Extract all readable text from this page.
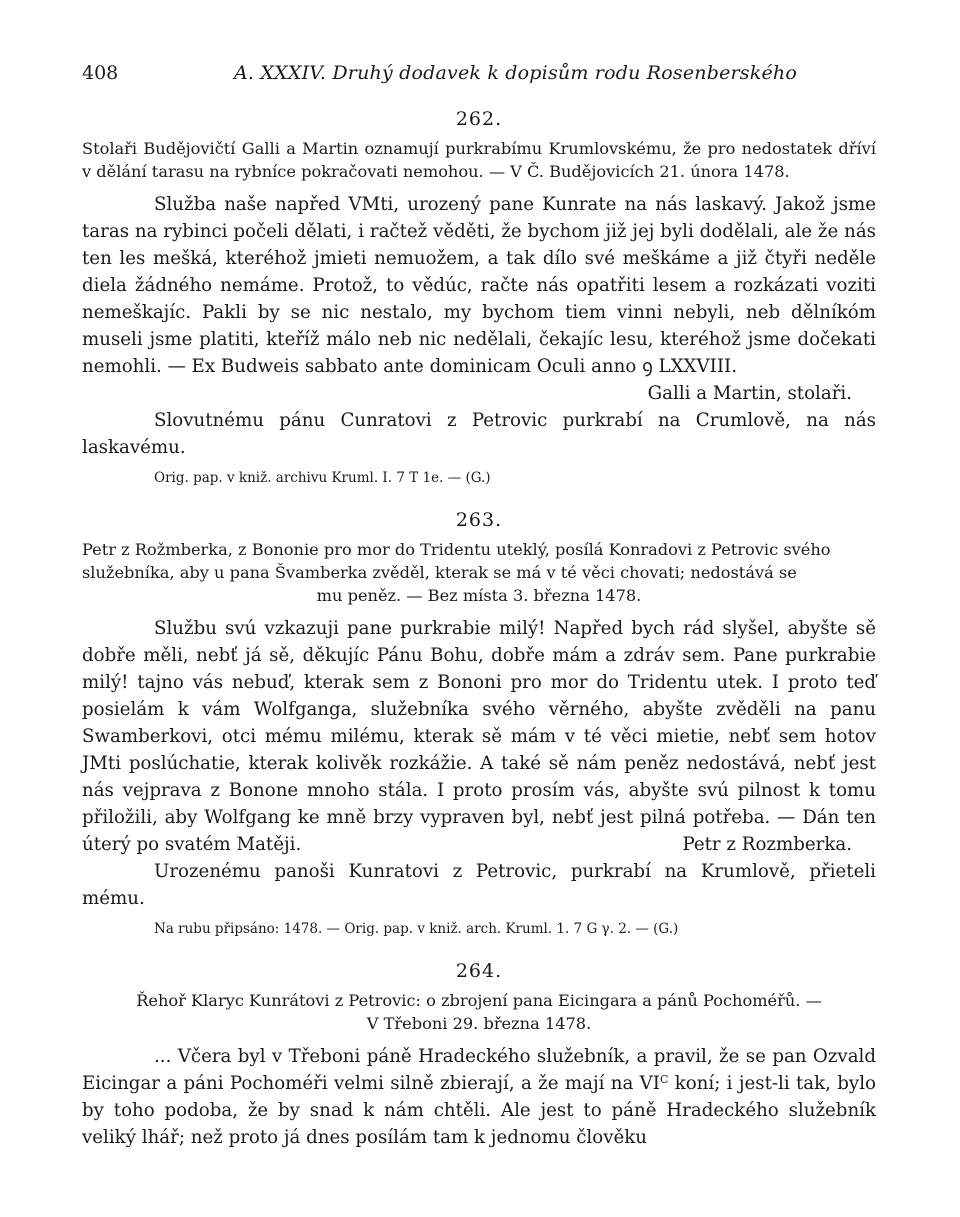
408	A. XXXIV. Druhý dodavek k dopisům rodu Rosenberského
262.

Stolaři Budějovičtí Galli a Martin oznamují purkrabímu Krumlovskému, že pro nedostatek dříví v dělání tarasu na rybníce pokračovati nemohou. — V Č. Budějovicích 21. února 1478.

Služba naše napřed VMti, urozený pane Kunrate na nás laskavý. Jakož jsme taras na rybinci počeli dělati, i račtež věděti, že bychom již jej byli dodělali, ale že nás ten les mešká, kteréhož jmieti nemuožem, a tak dílo své meškáme a již čtyři neděle diela žádného nemáme. Protož, to vědúc, račte nás opatřiti lesem a rozkázati voziti nemeškajíc. Pakli by se nic nestalo, my bychom tiem vinni nebyli, neb dělníkóm museli jsme platiti, kteříž málo neb nic nedělali, čekajíc lesu, kteréhož jsme dočekati nemohli. — Ex Budweis sabbato ante dominicam Oculi anno ꝯ LXXVIII.

Galli a Martin, stolaři.

Slovutnému pánu Cunratovi z Petrovic purkrabí na Crumlově, na nás laskavému.

Orig. pap. v kniž. archivu Kruml. I. 7 T 1e. — (G.)

263.

Petr z Rožmberka, z Bononie pro mor do Tridentu uteklý, posílá Konradovi z Petrovic svého

služebníka, aby u pana Švamberka zvěděl, kterak se má v té věci chovati; nedostává se

mu peněz. — Bez místa 3. března 1478.

Službu svú vzkazuji pane purkrabie milý! Napřed bych rád slyšel, abyšte sě dobře měli, nebť já sě, děkujíc Pánu Bohu, dobře mám a zdráv sem. Pane purkrabie milý! tajno vás nebuď, kterak sem z Bononi pro mor do Tridentu utek. I proto teď posielám k vám Wolfganga, služebníka svého věrného, abyšte zvěděli na panu Swamberkovi, otci mému milému, kterak sě mám v té věci mietie, nebť sem hotov JMti poslúchatie, kterak kolivěk rozkážie. A také sě nám peněz nedostává, nebť jest nás vejprava z Bonone mnoho stála. I proto prosím vás, abyšte svú pilnost k tomu přiložili, aby Wolfgang ke mně brzy vypraven byl, nebť jest pilná potřeba. — Dán ten úterý po svatém Matěji.	Petr z Rozmberka.

Urozenému panoši Kunratovi z Petrovic, purkrabí na Krumlově, přieteli mému.

Na rubu připsáno: 1478. — Orig. pap. v kniž. arch. Kruml. 1. 7 G γ. 2. — (G.)

264.

Řehoř Klaryc Kunrátovi z Petrovic: o zbrojení pana Eicingara a pánů Pochoméřů. —

V Třeboni 29. března 1478.

... Včera byl v Třeboni páně Hradeckého služebník, a pravil, že se pan Ozvald Eicingar a páni Pochoméři velmi silně zbierají, a že mají na $VI^C$ koní; i jest-li tak, bylo by toho podoba, že by snad k nám chtěli. Ale jest to páně Hradeckého služebník veliký lhář; než proto já dnes posílám tam k jednomu člověku
